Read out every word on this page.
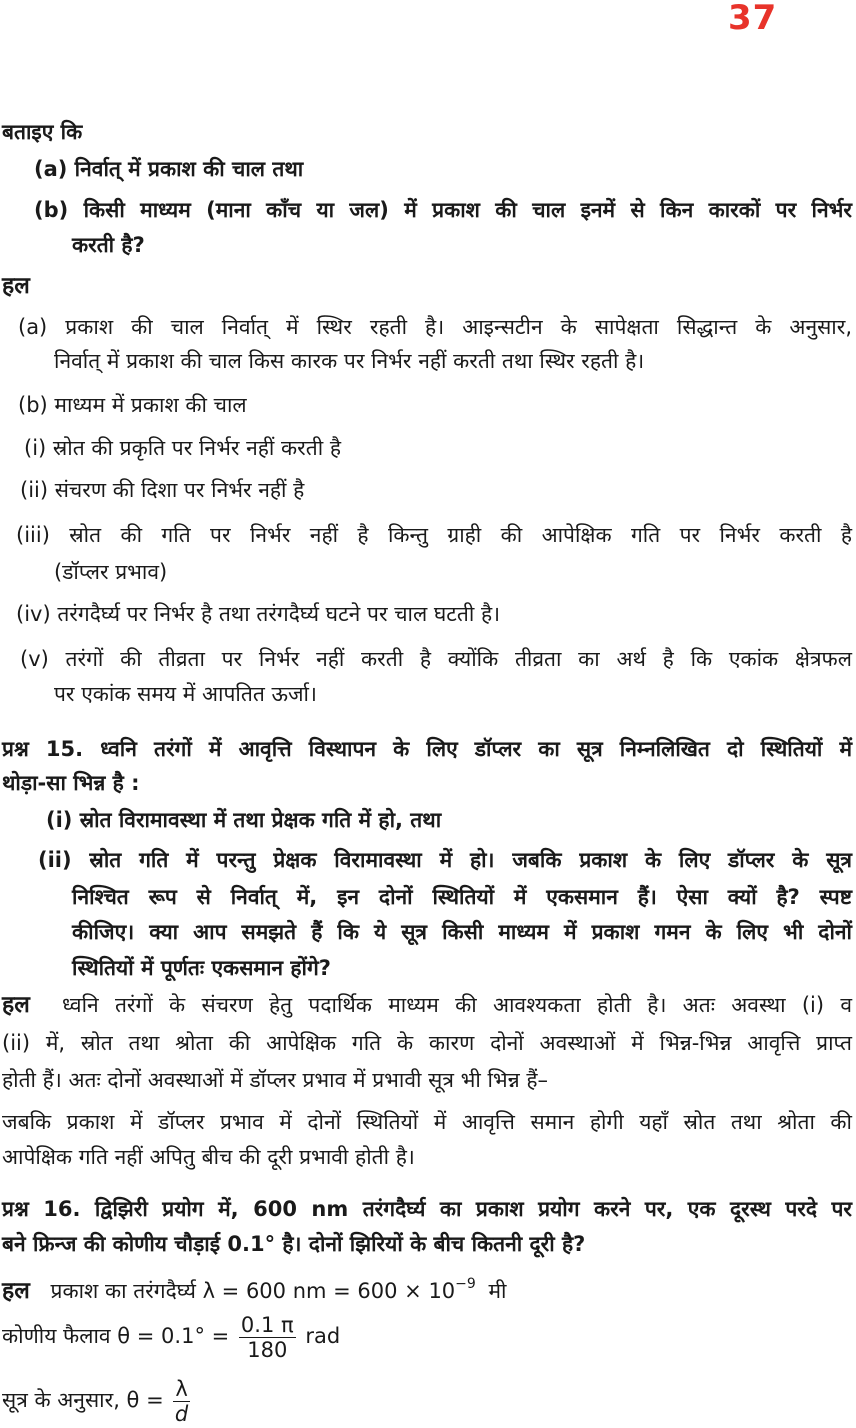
37
बताइए कि
(a) निर्वात् में प्रकाश की चाल तथा
(b) किसी माध्यम (माना काँच या जल) में प्रकाश की चाल इनमें से किन कारकों पर निर्भर
करती है?
हल
(a) प्रकाश की चाल निर्वात् में स्थिर रहती है। आइन्सटीन के सापेक्षता सिद्धान्त के अनुसार,
निर्वात् में प्रकाश की चाल किस कारक पर निर्भर नहीं करती तथा स्थिर रहती है।
(b) माध्यम में प्रकाश की चाल
(i) स्रोत की प्रकृति पर निर्भर नहीं करती है
(ii) संचरण की दिशा पर निर्भर नहीं है
(iii) स्रोत की गति पर निर्भर नहीं है किन्तु ग्राही की आपेक्षिक गति पर निर्भर करती है
(डॉप्लर प्रभाव)
(iv) तरंगदैर्घ्य पर निर्भर है तथा तरंगदैर्घ्य घटने पर चाल घटती है।
(v) तरंगों की तीव्रता पर निर्भर नहीं करती है क्योंकि तीव्रता का अर्थ है कि एकांक क्षेत्रफल
पर एकांक समय में आपतित ऊर्जा।
प्रश्न 15. ध्वनि तरंगों में आवृत्ति विस्थापन के लिए डॉप्लर का सूत्र निम्नलिखित दो स्थितियों में
थोड़ा-सा भिन्न है :
(i) स्रोत विरामावस्था में तथा प्रेक्षक गति में हो, तथा
(ii) स्रोत गति में परन्तु प्रेक्षक विरामावस्था में हो। जबकि प्रकाश के लिए डॉप्लर के सूत्र
निश्चित रूप से निर्वात् में, इन दोनों स्थितियों में एकसमान हैं। ऐसा क्यों है? स्पष्ट
कीजिए। क्या आप समझते हैं कि ये सूत्र किसी माध्यम में प्रकाश गमन के लिए भी दोनों
स्थितियों में पूर्णतः एकसमान होंगे?
हल ध्वनि तरंगों के संचरण हेतु पदार्थिक माध्यम की आवश्यकता होती है। अतः अवस्था (i) व
(ii) में, स्रोत तथा श्रोता की आपेक्षिक गति के कारण दोनों अवस्थाओं में भिन्न-भिन्न आवृत्ति प्राप्त
होती हैं। अतः दोनों अवस्थाओं में डॉप्लर प्रभाव में प्रभावी सूत्र भी भिन्न हैं–
जबकि प्रकाश में डॉप्लर प्रभाव में दोनों स्थितियों में आवृत्ति समान होगी यहाँ स्रोत तथा श्रोता की
आपेक्षिक गति नहीं अपितु बीच की दूरी प्रभावी होती है।
प्रश्न 16. द्विझिरी प्रयोग में, 600 nm तरंगदैर्घ्य का प्रकाश प्रयोग करने पर, एक दूरस्थ परदे पर
बने फ्रिन्ज की कोणीय चौड़ाई 0.1° है। दोनों झिरियों के बीच कितनी दूरी है?
हल प्रकाश का तरंगदैर्घ्य λ = 600 nm = $600 \times 10^{-9}$ मी
कोणीय फैलाव $\theta = 0.1^\circ = \frac{0.1 \pi}{180}$ rad
सूत्र के अनुसार, $\theta = \frac{\lambda}{d}$
